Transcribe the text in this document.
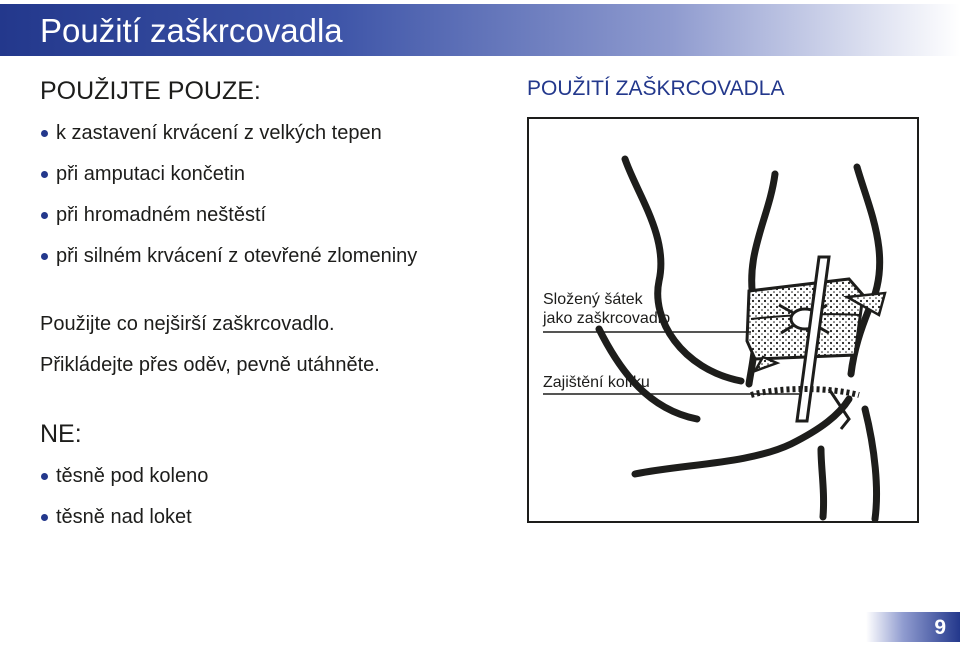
Použití zaškrcovadla
POUŽIJTE POUZE:
k zastavení krvácení z velkých tepen
při amputaci končetin
při hromadném neštěstí
při silném krvácení z otevřené zlomeniny
Použijte co nejširší zaškrcovadlo.
Přikládejte přes oděv, pevně utáhněte.
NE:
těsně pod koleno
těsně nad loket
POUŽITÍ ZAŠKRCOVADLA
Složený šátek
jako zaškrcovadlo
Zajištění kolíku
9
